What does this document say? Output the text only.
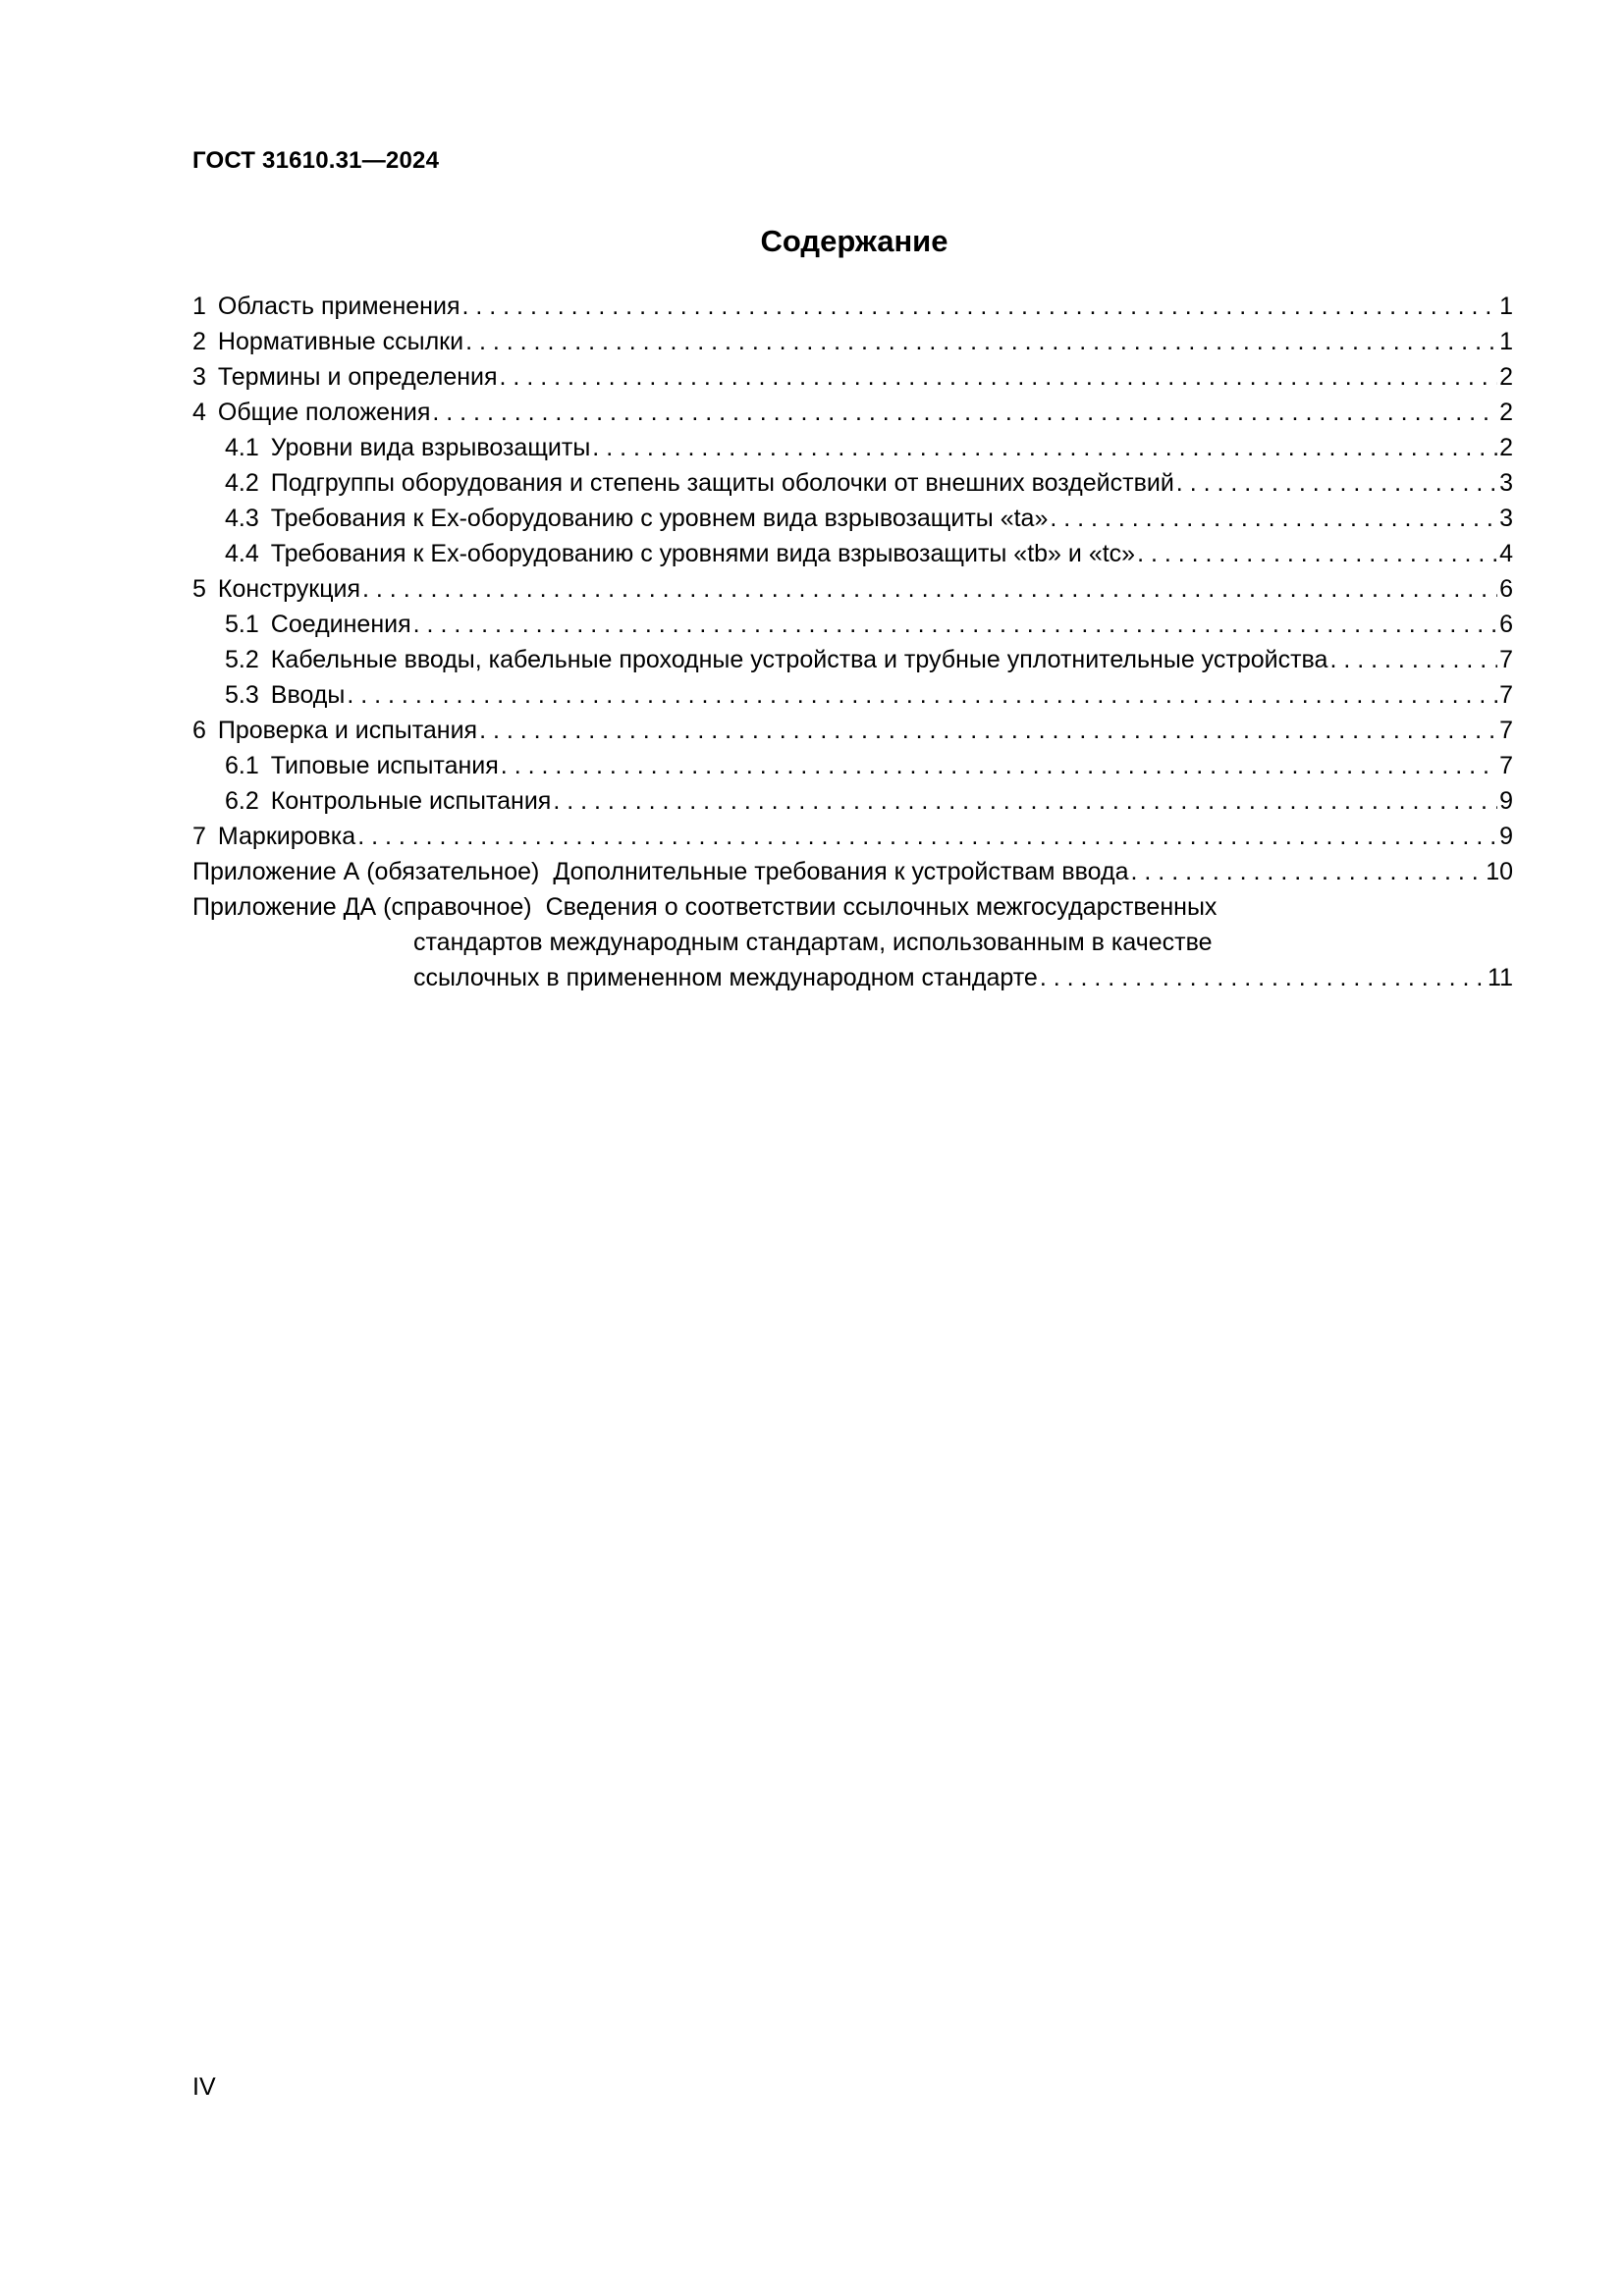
ГОСТ 31610.31—2024
Содержание
1 Область применения . . .	1
2 Нормативные ссылки . . .	1
3 Термины и определения . . .	2
4 Общие положения . . .	2
4.1 Уровни вида взрывозащиты . . .	2
4.2 Подгруппы оборудования и степень защиты оболочки от внешних воздействий . . .	3
4.3 Требования к Ex-оборудованию с уровнем вида взрывозащиты «ta» . . .	3
4.4 Требования к Ex-оборудованию с уровнями вида взрывозащиты «tb» и «tc» . . .	4
5 Конструкция . . .	6
5.1 Соединения . . .	6
5.2 Кабельные вводы, кабельные проходные устройства и трубные уплотнительные устройства . . .	7
5.3 Вводы . . .	7
6 Проверка и испытания . . .	7
6.1 Типовые испытания . . .	7
6.2 Контрольные испытания . . .	9
7 Маркировка . . .	9
Приложение А (обязательное) Дополнительные требования к устройствам ввода . . .	10
Приложение ДА (справочное) Сведения о соответствии ссылочных межгосударственных
стандартов международным стандартам, использованным в качестве
ссылочных в примененном международном стандарте . . .	11
IV
